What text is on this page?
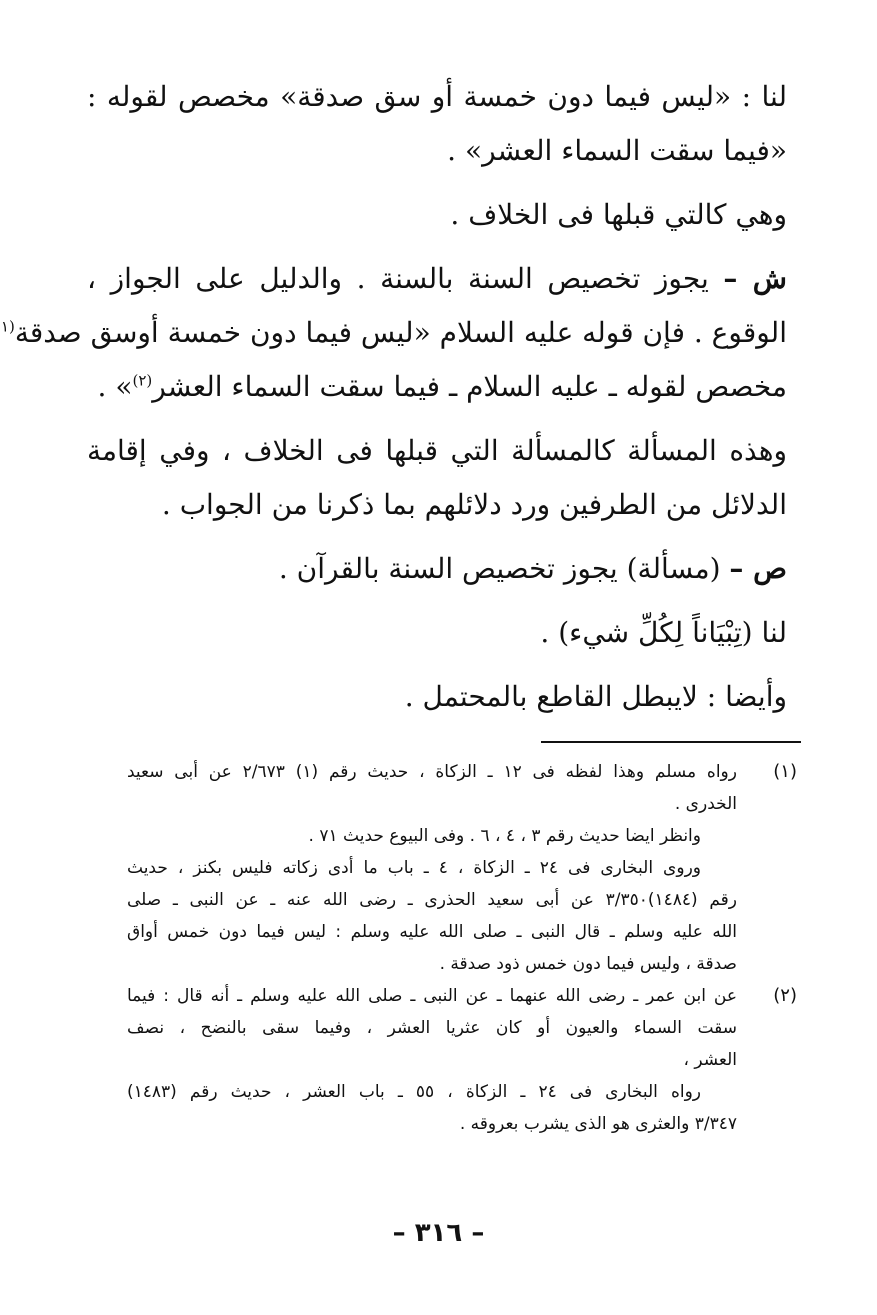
لنا : «ليس فيما دون خمسة أو سق صدقة» مخصص لقوله :
«فيما سقت السماء العشر» .
وهي كالتي قبلها فى الخلاف .
ش – يجوز تخصيص السنة بالسنة . والدليل على الجواز ،
الوقوع . فإن قوله عليه السلام «ليس فيما دون خمسة أوسق صدقة$^{(١}$
مخصص لقوله ـ عليه السلام ـ فيما سقت السماء العشر$^{(٢)}$» .
وهذه المسألة كالمسألة التي قبلها فى الخلاف ، وفي إقامة
الدلائل من الطرفين ورد دلائلهم بما ذكرنا من الجواب .
ص – (مسألة) يجوز تخصيص السنة بالقرآن .
لنا (تِبْيَاناً لِكُلِّ شيء) .
وأيضا : لايبطل القاطع بالمحتمل .
(١)
رواه مسلم وهذا لفظه فى ١٢ ـ الزكاة ، حديث رقم (١) ٢/٦٧٣ عن أبى سعيد
الخدرى .
وانظر ايضا حديث رقم ٣ ، ٤ ، ٦ . وفى البيوع حديث ٧١ .
وروى البخارى فى ٢٤ ـ الزكاة ، ٤ ـ باب ما أدى زكاته فليس بكنز ، حديث
رقم (١٤٨٤)٣/٣٥٠ عن أبى سعيد الحذرى ـ رضى الله عنه ـ عن النبى ـ صلى
الله عليه وسلم ـ قال النبى ـ صلى الله عليه وسلم : ليس فيما دون خمس أواق
صدقة ، وليس فيما دون خمس ذود صدقة .
(٢)
عن ابن عمر ـ رضى الله عنهما ـ عن النبى ـ صلى الله عليه وسلم ـ أنه قال : فيما
سقت السماء والعيون أو كان عثريا العشر ، وفيما سقى بالنضح ، نصف
العشر ،
رواه البخارى فى ٢٤ ـ الزكاة ، ٥٥ ـ باب العشر ، حديث رقم (١٤٨٣)
٣/٣٤٧ والعثرى هو الذى يشرب بعروقه .
– ٣١٦ –
